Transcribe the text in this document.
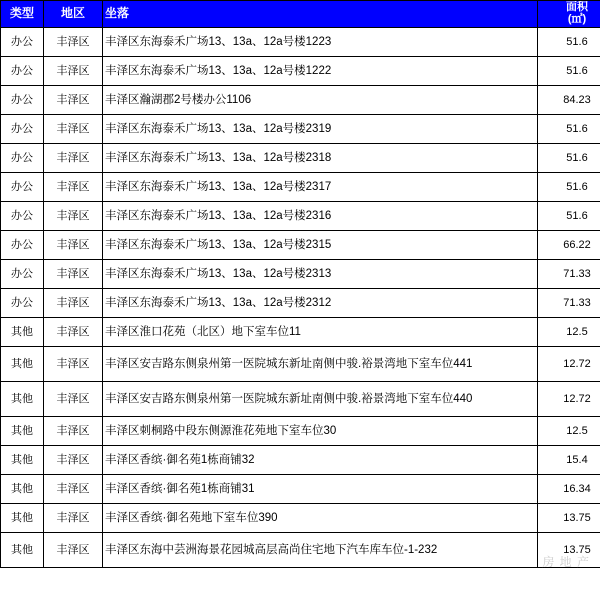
类型	地区	坐落	面积
(㎡)

办公	丰泽区	丰泽区东海泰禾广场13、13a、12a号楼1223	51.6
办公	丰泽区	丰泽区东海泰禾广场13、13a、12a号楼1222	51.6
办公	丰泽区	丰泽区瀚湖郡2号楼办公1106	84.23
办公	丰泽区	丰泽区东海泰禾广场13、13a、12a号楼2319	51.6
办公	丰泽区	丰泽区东海泰禾广场13、13a、12a号楼2318	51.6
办公	丰泽区	丰泽区东海泰禾广场13、13a、12a号楼2317	51.6
办公	丰泽区	丰泽区东海泰禾广场13、13a、12a号楼2316	51.6
办公	丰泽区	丰泽区东海泰禾广场13、13a、12a号楼2315	66.22
办公	丰泽区	丰泽区东海泰禾广场13、13a、12a号楼2313	71.33
办公	丰泽区	丰泽区东海泰禾广场13、13a、12a号楼2312	71.33
其他	丰泽区	丰泽区淮口花苑（北区）地下室车位11	12.5
其他	丰泽区	丰泽区安吉路东侧泉州第一医院城东新址南侧中骏.裕景湾地下室车位441	12.72
其他	丰泽区	丰泽区安吉路东侧泉州第一医院城东新址南侧中骏.裕景湾地下室车位440	12.72
其他	丰泽区	丰泽区刺桐路中段东侧源淮花苑地下室车位30	12.5
其他	丰泽区	丰泽区香缤·御名苑1栋商铺32	15.4
其他	丰泽区	丰泽区香缤·御名苑1栋商铺31	16.34
其他	丰泽区	丰泽区香缤·御名苑地下室车位390	13.75
其他	丰泽区	丰泽区东海中芸洲海景花园城高层高尚住宅地下汽车库车位-1-232	13.75
房 地 产
